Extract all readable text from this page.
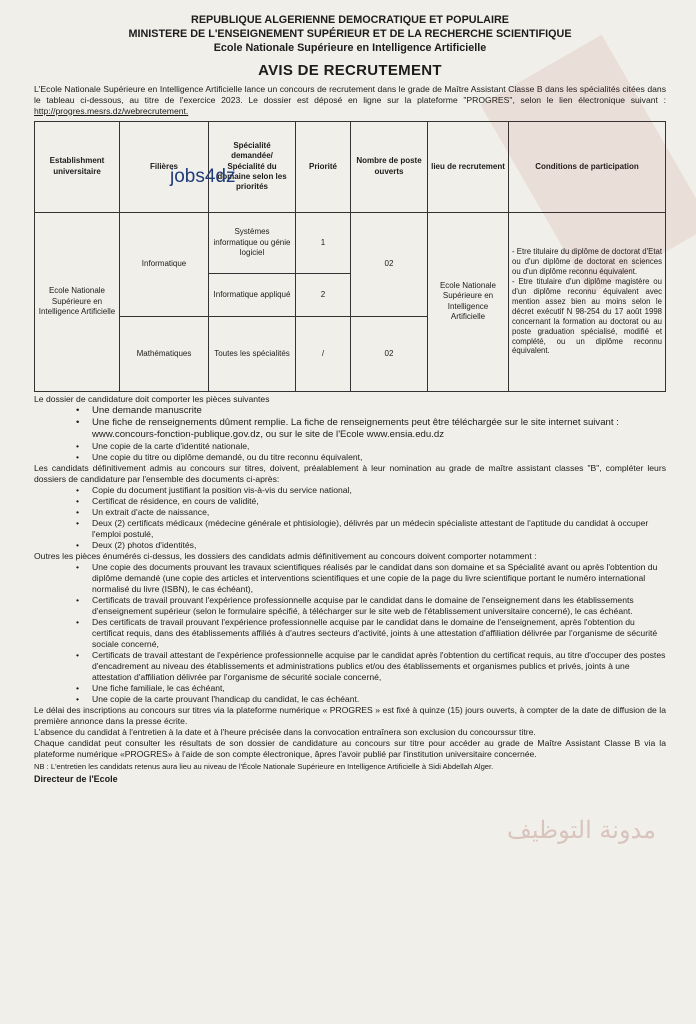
REPUBLIQUE ALGERIENNE DEMOCRATIQUE ET POPULAIRE
MINISTERE DE L'ENSEIGNEMENT SUPÉRIEUR ET DE LA RECHERCHE SCIENTIFIQUE
Ecole Nationale Supérieure en Intelligence Artificielle
AVIS DE RECRUTEMENT

L'Ecole Nationale Supérieure en Intelligence Artificielle lance un concours de recrutement dans le grade de Maître Assistant Classe B dans les spécialités citées dans le tableau ci-dessous, au titre de l'exercice 2023. Le dossier est déposé en ligne sur la plateforme "PROGRES", selon le lien électronique suivant : http://progres.mesrs.dz/webrecrutement.

Establishment universitaire	Filières	Spécialité demandée/ Spécialité du domaine selon les priorités	Priorité	Nombre de poste ouverts	lieu de recrutement	Conditions de participation
Ecole Nationale Supérieure en Intelligence Artificielle	Informatique	Systèmes informatique ou génie logiciel	1	02	Ecole Nationale Supérieure en Intelligence Artificielle	- Etre titulaire du diplôme de doctorat d'Etat ou d'un diplôme de doctorat en sciences ou d'un diplôme reconnu équivalent.
- Etre titulaire d'un diplôme magistère ou d'un diplôme reconnu équivalent avec mention assez bien au moins selon le décret exécutif N 98-254 du 17 août 1998 concernant la formation au doctorat ou au poste graduation spécialisé, modifié et complété, ou un diplôme reconnu équivalent.

		Informatique appliqué	2			
	Mathématiques	Toutes les spécialités	/	02		
jobs4dz
Le dossier de candidature doit comporter les pièces suivantes
• Une demande manuscrite
• Une fiche de renseignements dûment remplie. La fiche de renseignements peut être téléchargée sur le site internet suivant : www.concours-fonction-publique.gov.dz, ou sur le site de l'Ecole www.ensia.edu.dz
• Une copie de la carte d'identité nationale,
• Une copie du titre ou diplôme demandé, ou du titre reconnu équivalent,

Les candidats définitivement admis au concours sur titres, doivent, préalablement à leur nomination au grade de maître assistant classes "B", compléter leurs dossiers de candidature par l'ensemble des documents ci-après:

• Copie du document justifiant la position vis-à-vis du service national,
• Certificat de résidence, en cours de validité,
• Un extrait d'acte de naissance,
• Deux (2) certificats médicaux (médecine générale et phtisiologie), délivrés par un médecin spécialiste attestant de l'aptitude du candidat à occuper l'emploi postulé,
• Deux (2) photos d'identités,

Outres les pièces énumérés ci-dessus, les dossiers des candidats admis définitivement au concours doivent comporter notamment :

• Une copie des documents prouvant les travaux scientifiques réalisés par le candidat dans son domaine et sa Spécialité avant ou après l'obtention du diplôme demandé (une copie des articles et interventions scientifiques et une copie de la page du livre scientifique portant le numéro international normalisé du livre (ISBN), le cas échéant),
• Certificats de travail prouvant l'expérience professionnelle acquise par le candidat dans le domaine de l'enseignement dans les établissements d'enseignement supérieur (selon le formulaire spécifié, à télécharger sur le site web de l'établissement universitaire concerné), le cas échéant.
• Des certificats de travail prouvant l'expérience professionnelle acquise par le candidat dans le domaine de l'enseignement, après l'obtention du certificat requis, dans des établissements affiliés à d'autres secteurs d'activité, joints à une attestation d'affiliation délivrée par l'organisme de sécurité sociale concerné,
• Certificats de travail attestant de l'expérience professionnelle acquise par le candidat après l'obtention du certificat requis, au titre d'occuper des postes d'encadrement au niveau des établissements et administrations publics et/ou des établissements et organismes publics et privés, joints à une attestation d'affiliation délivrée par l'organisme de sécurité sociale concerné,
• Une fiche familiale, le cas échéant,
• Une copie de la carte prouvant l'handicap du candidat, le cas échéant.

Le délai des inscriptions au concours sur titres via la plateforme numérique « PROGRES » est fixé à quinze (15) jours ouverts, à compter de la date de diffusion de la première annonce dans la presse écrite.

L'absence du candidat à l'entretien à la date et à l'heure précisée dans la convocation entraînera son exclusion du concourssur titre.

Chaque candidat peut consulter les résultats de son dossier de candidature au concours sur titre pour accéder au grade de Maître Assistant Classe B via la plateforme numérique «PROGRES» à l'aide de son compte électronique, âpres l'avoir publié par l'institution universitaire concernée.

NB : L'entretien les candidats retenus aura lieu au niveau de l'École Nationale Supérieure en Intelligence Artificielle à Sidi Abdellah Alger.
Directeur de l'Ecole
مدونة التوظيف
